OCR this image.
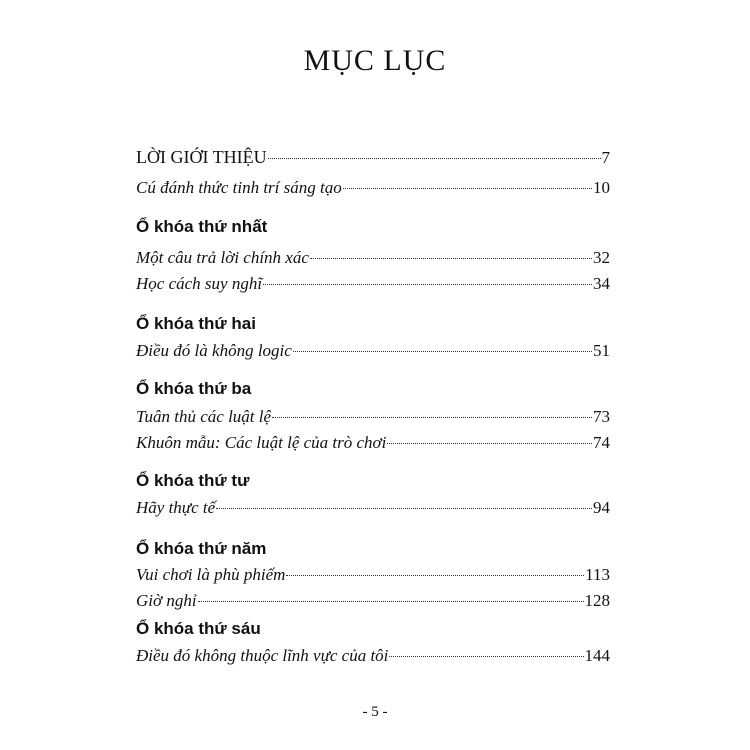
MỤC LỤC
LỜI GIỚI THIỆU	7
Cú đánh thức tinh trí sáng tạo	10
Ổ khóa thứ nhất
Một câu trả lời chính xác	32
Học cách suy nghĩ	34
Ổ khóa thứ hai
Điều đó là không logic	51
Ổ khóa thứ ba
Tuân thủ các luật lệ	73
Khuôn mẫu: Các luật lệ của trò chơi	74
Ổ khóa thứ tư
Hãy thực tế	94
Ổ khóa thứ năm
Vui chơi là phù phiếm	113
Giờ nghỉ	128
Ổ khóa thứ sáu
Điều đó không thuộc lĩnh vực của tôi	144
- 5 -
